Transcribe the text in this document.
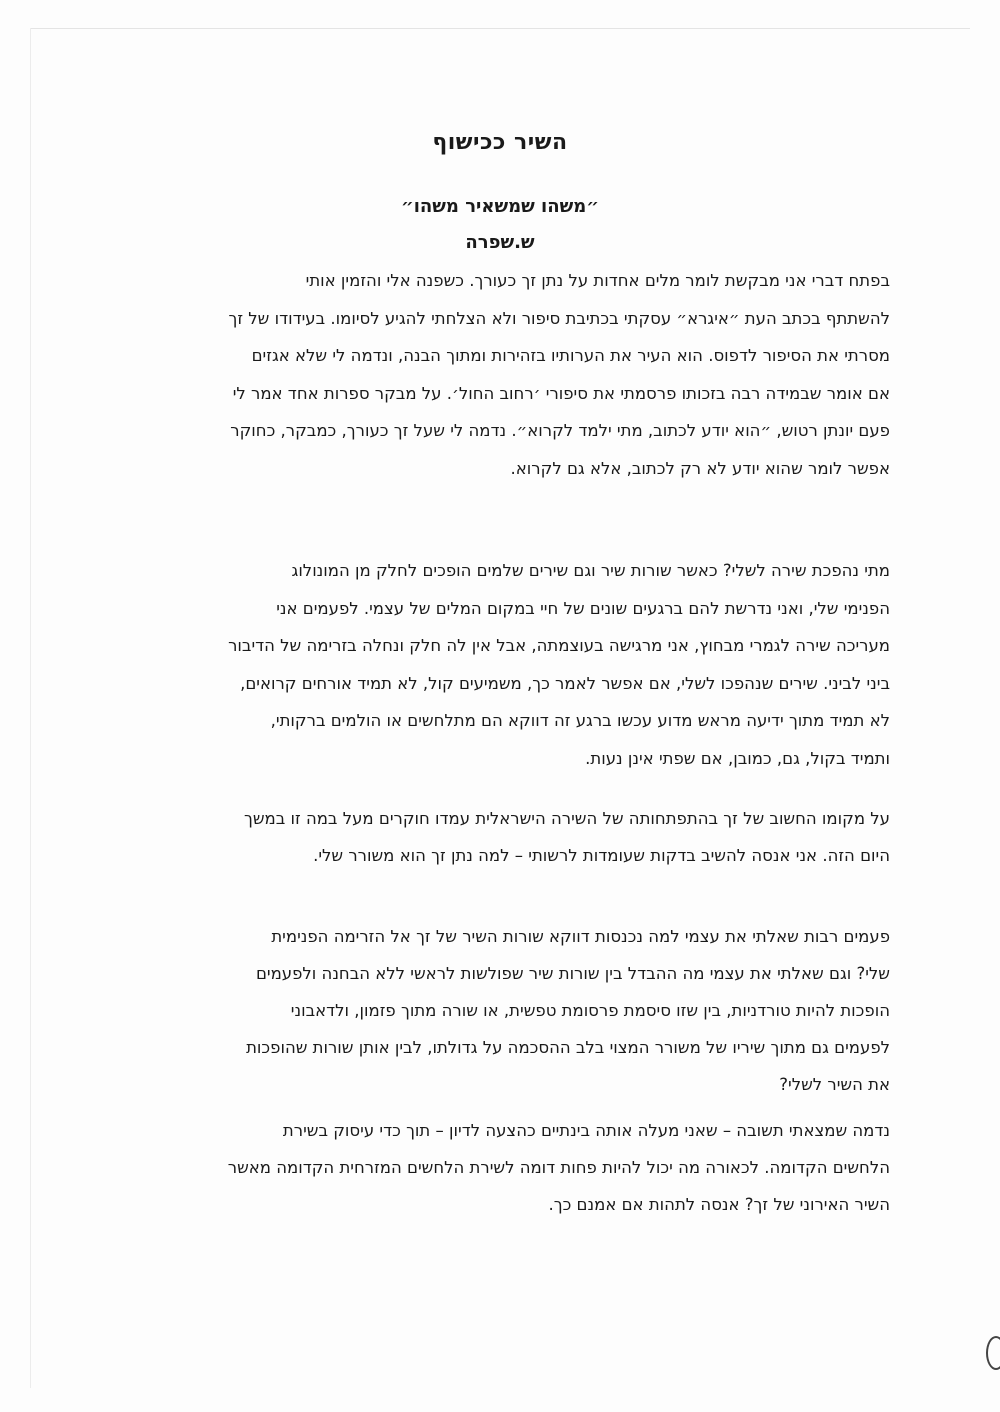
השיר ככישוף
״משהו שמשאיר משהו״
ש.שפרה
בפתח דברי אני מבקשת לומר מלים אחדות על נתן זך כעורך. כשפנה אלי והזמין אותי
להשתתף בכתב העת ״איגרא״ עסקתי בכתיבת סיפור ולא הצלחתי להגיע לסיומו. בעידודו של זך
מסרתי את הסיפור לדפוס. הוא העיר את הערותיו בזהירות ומתוך הבנה, ונדמה לי שלא אגזים
אם אומר שבמידה רבה בזכותו פרסמתי את סיפורי ׳רחוב החול׳. על מבקר ספרות אחד אמר לי
פעם יונתן רטוש, ״הוא יודע לכתוב, מתי ילמד לקרוא״. נדמה לי שעל זך כעורך, כמבקר, כחוקר
אפשר לומר שהוא יודע לא רק לכתוב, אלא גם לקרוא.
מתי נהפכת שירה לשלי? כאשר שורות שיר וגם שירים שלמים הופכים לחלק מן המונולוג
הפנימי שלי, ואני נדרשת להם ברגעים שונים של חיי במקום המלים של עצמי. לפעמים אני
מעריכה שירה לגמרי מבחוץ, אני מרגישה בעוצמתה, אבל אין לה חלק ונחלה בזרימה של הדיבור
ביני לביני. שירים שנהפכו לשלי, אם אפשר לאמר כך, משמיעים קול, לא תמיד אורחים קרואים,
לא תמיד מתוך ידיעה מראש מדוע עכשו ברגע זה דווקא הם מתלחשים או הולמים ברקותי,
ותמיד בקול, גם, כמובן, אם שפתי אינן נעות.
על מקומו החשוב של זך בהתפתחותה של השירה הישראלית עמדו חוקרים מעל במה זו במשך
היום הזה. אני אנסה להשיב בדקות שעומדות לרשותי – למה נתן זך הוא משורר שלי.
פעמים רבות שאלתי את עצמי למה נכנסות דווקא שורות השיר של זך אל הזרימה הפנימית
שלי? וגם שאלתי את עצמי מה ההבדל בין שורות שיר שפולשות לראשי ללא הבחנה ולפעמים
הופכות להיות טורדניות, בין שזו סיסמת פרסומת טפשית, או שורה מתוך פזמון, ולדאבוני
לפעמים גם מתוך שיריו של משורר המצוי בלב ההסכמה על גדולתו, לבין אותן שורות שהופכות
את השיר לשלי?
נדמה שמצאתי תשובה – שאני מעלה אותה בינתיים כהצעה לדיון – תוך כדי עיסוק בשירת
הלחשים הקדומה. לכאורה מה יכול להיות פחות דומה לשירת הלחשים המזרחית הקדומה מאשר
השיר האירוני של זך? אנסה לתהות אם אמנם כך.
